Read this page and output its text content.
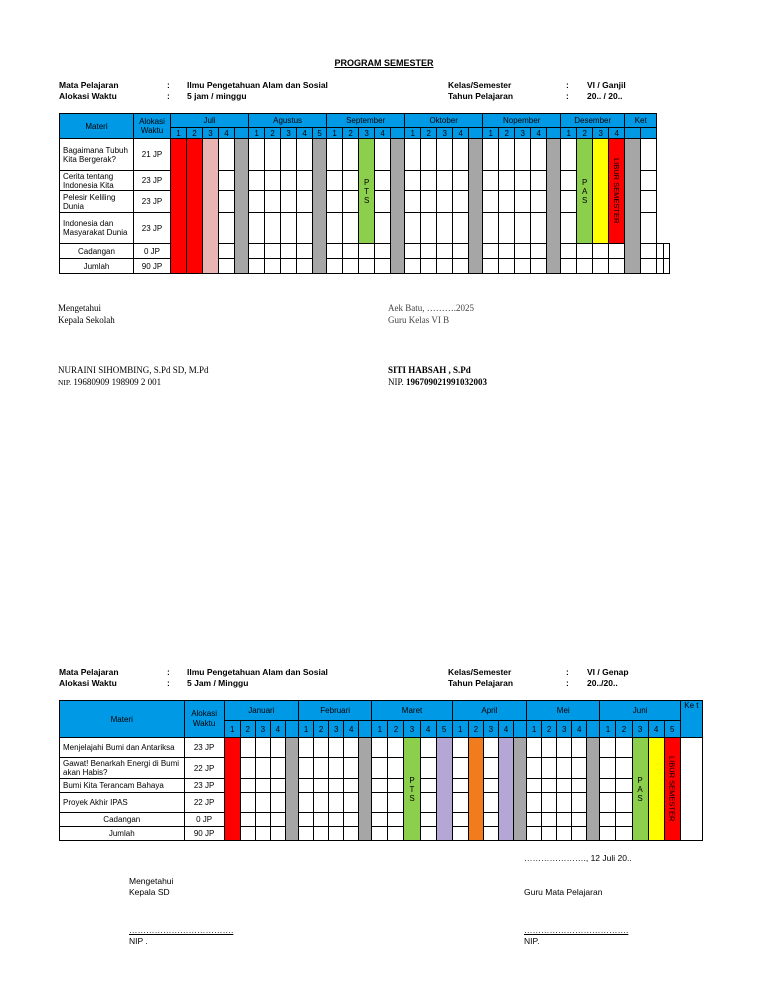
PROGRAM SEMESTER
Mata Pelajaran
Alokasi Waktu
:
:
Ilmu Pengetahuan Alam dan Sosial
5 jam / minggu
Kelas/Semester
Tahun Pelajaran
:
:
VI / Ganjil
20.. / 20..
Materi	Alokasi Waktu	Juli					Agustus					September					Oktober					Nopember					Desember				Ket			
		1	2	3	4		1	2	3	4	5	1	2	3	4		1	2	3	4		1	2	3	4		1	2	3	4				
Bagaimana Tubuh Kita Bergerak?	21 JP													P T S														P A S		LIBUR SEMESTER				

Cerita tentang Indonesia Kita	23 JP																																	
Pelesir Keliling Dunia	23 JP																																	
Indonesia dan Masyarakat Dunia	23 JP																																	
Cadangan	0 JP																																	
Jumlah	90 JP																																	
Mengetahui
Kepala Sekolah
NURAINI SIHOMBING, S.Pd SD, M.Pd
NIP. 19680909 198909 2 001
Aek Batu, ……….2025
Guru Kelas VI B
SITI HABSAH , S.Pd
NIP. 196709021991032003
Mata Pelajaran
Alokasi Waktu
:
:
Ilmu Pengetahuan Alam dan Sosial
5 Jam / Minggu
Kelas/Semester
Tahun Pelajaran
:
:
VI / Genap
20../20..
Materi	Alokasi Waktu	Januari					Februari					Maret					April					Mei					Juni					Ke t
		1	2	3	4		1	2	3	4		1	2	3	4	5	1	2	3	4		1	2	3	4		1	2	3	4	5	
Menjelajahi Bumi dan Antariksa	23 JP													P T S															P A S		LIBUR SEMESTER	

Gawat! Benarkah Energi di Bumi akan Habis?	22 JP																															
Bumi Kita Terancam Bahaya	23 JP																															
Proyek Akhir IPAS	22 JP																															
Cadangan	0 JP																															
Jumlah	90 JP																															
…………………., 12 Juli 20..
Mengetahui
Kepala SD
……………………………….
NIP .
Guru Mata Pelajaran
……………………………….
NIP.
